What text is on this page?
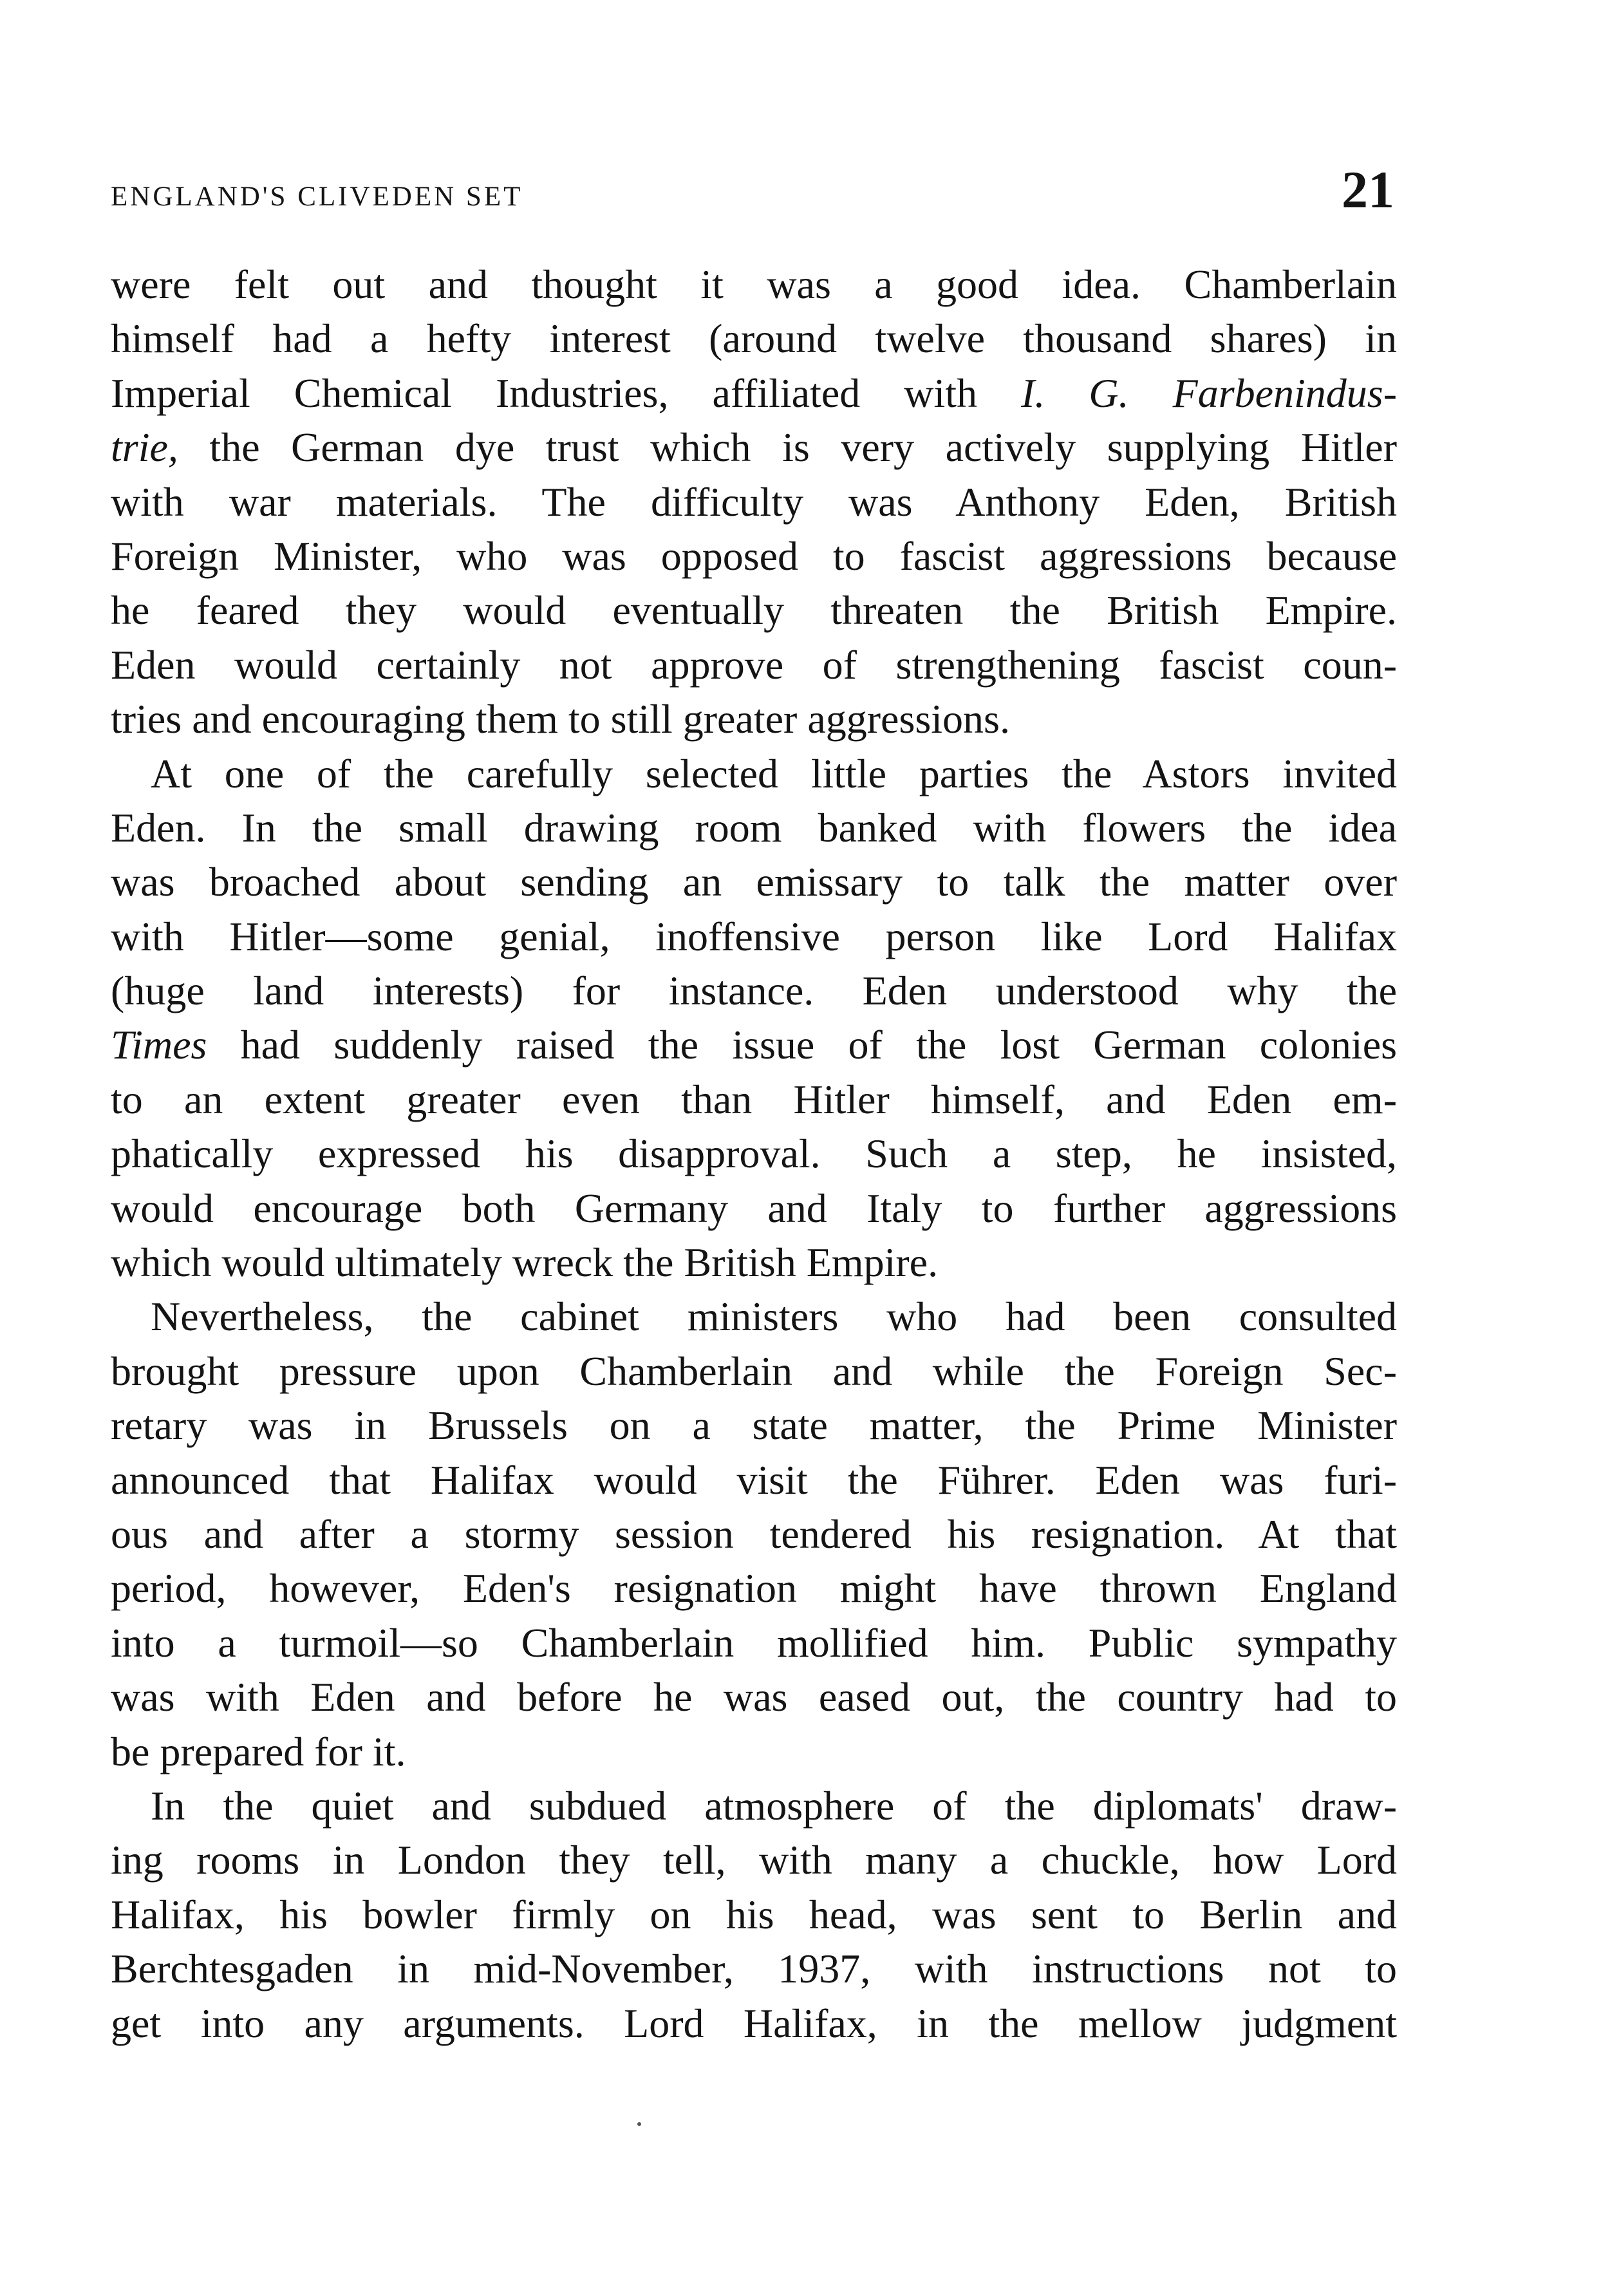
ENGLAND'S CLIVEDEN SET	21
were felt out and thought it was a good idea. Chamberlain
himself had a hefty interest (around twelve thousand shares) in
Imperial Chemical Industries, affiliated with I. G. Farbenindus-
trie, the German dye trust which is very actively supplying Hitler
with war materials. The difficulty was Anthony Eden, British
Foreign Minister, who was opposed to fascist aggressions because
he feared they would eventually threaten the British Empire.
Eden would certainly not approve of strengthening fascist coun-
tries and encouraging them to still greater aggressions.
At one of the carefully selected little parties the Astors invited
Eden. In the small drawing room banked with flowers the idea
was broached about sending an emissary to talk the matter over
with Hitler—some genial, inoffensive person like Lord Halifax
(huge land interests) for instance. Eden understood why the
Times had suddenly raised the issue of the lost German colonies
to an extent greater even than Hitler himself, and Eden em-
phatically expressed his disapproval. Such a step, he insisted,
would encourage both Germany and Italy to further aggressions
which would ultimately wreck the British Empire.
Nevertheless, the cabinet ministers who had been consulted
brought pressure upon Chamberlain and while the Foreign Sec-
retary was in Brussels on a state matter, the Prime Minister
announced that Halifax would visit the Führer. Eden was furi-
ous and after a stormy session tendered his resignation. At that
period, however, Eden's resignation might have thrown England
into a turmoil—so Chamberlain mollified him. Public sympathy
was with Eden and before he was eased out, the country had to
be prepared for it.
In the quiet and subdued atmosphere of the diplomats' draw-
ing rooms in London they tell, with many a chuckle, how Lord
Halifax, his bowler firmly on his head, was sent to Berlin and
Berchtesgaden in mid-November, 1937, with instructions not to
get into any arguments. Lord Halifax, in the mellow judgment
